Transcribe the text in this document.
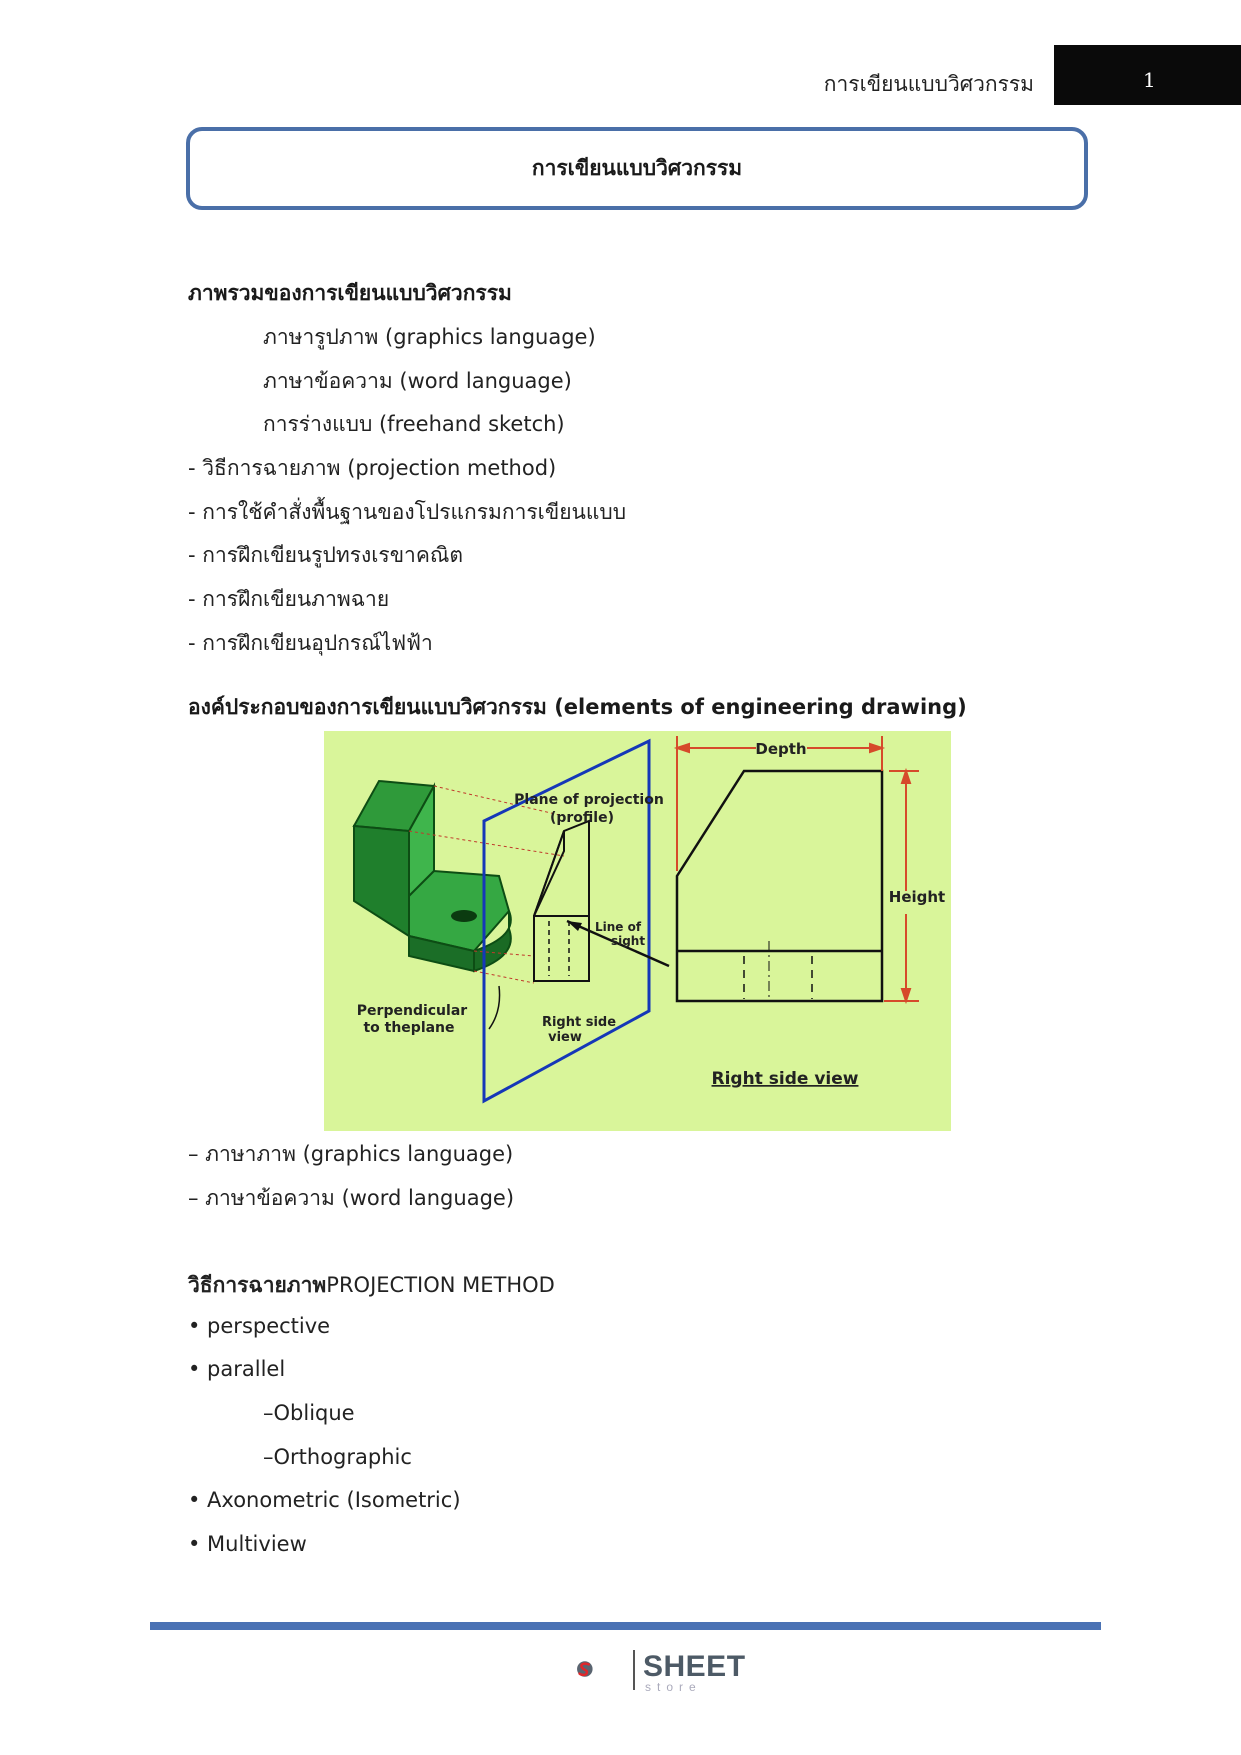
การเขียนแบบวิศวกรรม	1
การเขียนแบบวิศวกรรม
ภาพรวมของการเขียนแบบวิศวกรรม
ภาษารูปภาพ (graphics language)
ภาษาข้อความ (word language)
การร่างแบบ (freehand sketch)
- วิธีการฉายภาพ (projection method)
- การใช้คำสั่งพื้นฐานของโปรแกรมการเขียนแบบ
- การฝึกเขียนรูปทรงเรขาคณิต
- การฝึกเขียนภาพฉาย
- การฝึกเขียนอุปกรณ์ไฟฟ้า
องค์ประกอบของการเขียนแบบวิศวกรรม (elements of engineering drawing)
Depth
Plane of projection
(profile)
Height
Line of
sight
Perpendicular
to theplane	Right side
view
Right side view
– ภาษาภาพ (graphics language)
– ภาษาข้อความ (word language)
วิธีการฉายภาพPROJECTION METHOD
• perspective
• parallel
–Oblique
–Orthographic
• Axonometric (Isometric)
• Multiview
SHEET
store
